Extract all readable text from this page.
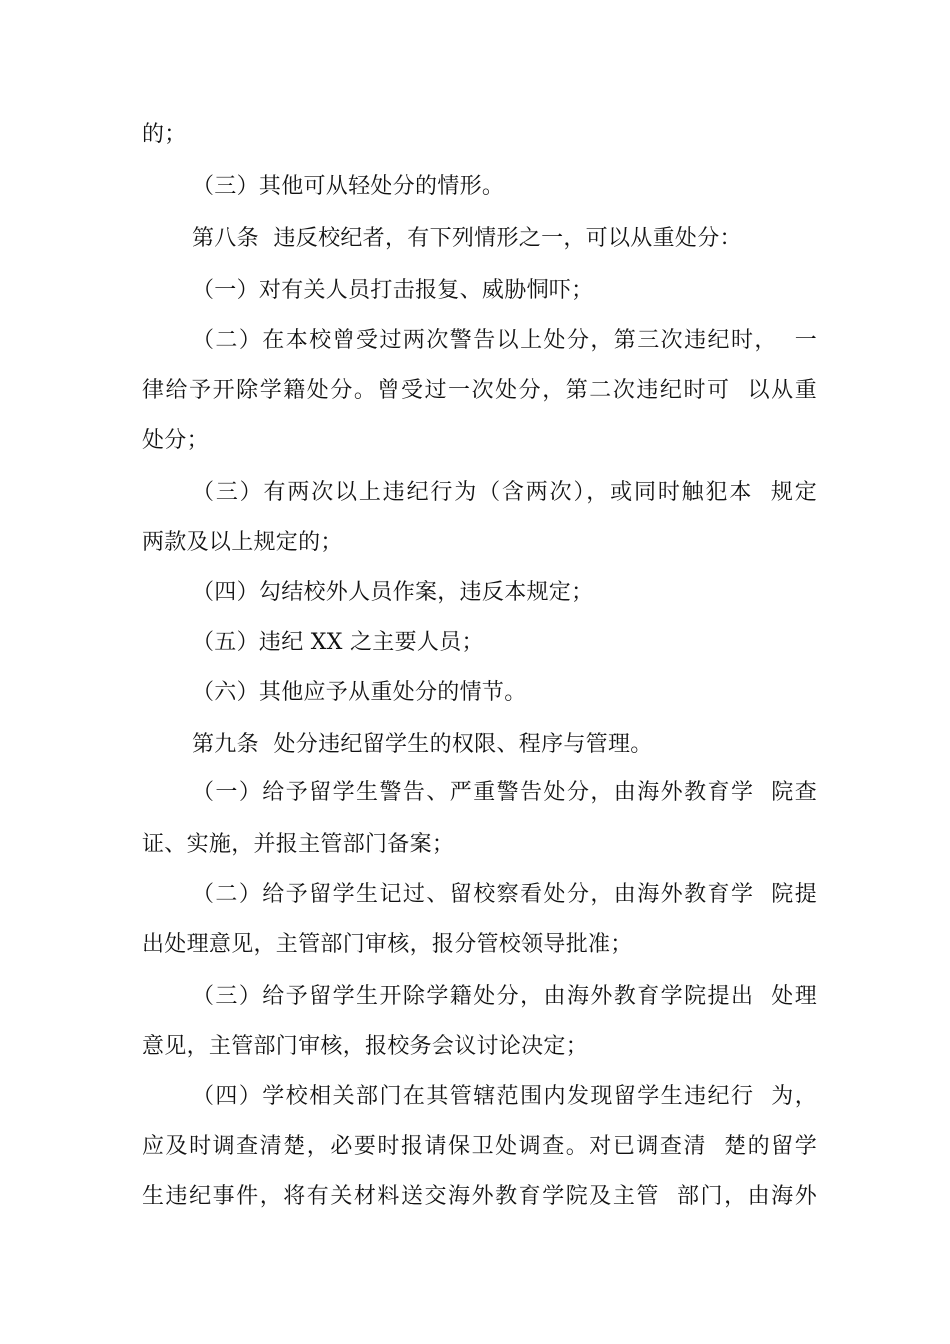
的；
（三）其他可从轻处分的情形。
第八条  违反校纪者，有下列情形之一，可以从重处分：
（一）对有关人员打击报复、威胁恫吓；
（二）在本校曾受过两次警告以上处分，第三次违纪时，  一
律给予开除学籍处分。曾受过一次处分，第二次违纪时可  以从重
处分；
（三）有两次以上违纪行为（含两次），或同时触犯本  规定
两款及以上规定的；
（四）勾结校外人员作案，违反本规定；
（五）违纪 XX 之主要人员；
（六）其他应予从重处分的情节。
第九条  处分违纪留学生的权限、程序与管理。
（一）给予留学生警告、严重警告处分，由海外教育学  院查
证、实施，并报主管部门备案；
（二）给予留学生记过、留校察看处分，由海外教育学  院提
出处理意见，主管部门审核，报分管校领导批准；
（三）给予留学生开除学籍处分，由海外教育学院提出  处理
意见，主管部门审核，报校务会议讨论决定；
（四）学校相关部门在其管辖范围内发现留学生违纪行  为，
应及时调查清楚，必要时报请保卫处调查。对已调查清  楚的留学
生违纪事件，将有关材料送交海外教育学院及主管  部门，由海外
